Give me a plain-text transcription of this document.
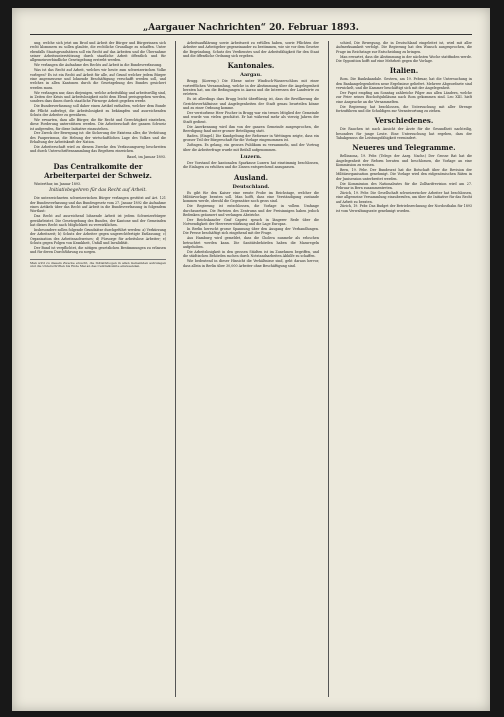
„Aargauer Nachrichten“ 20. Februar 1893.

ung, welche sich jetzt um Brod und Arbeit der Bürger und Bürgerinnen sich recht klommern zu sollen glaubte, die rechtliche Grundlage zu schaffen. Unter ebenfalls Staatsgrundsätzen soll ein Recht auf das Arbeiten und die Übernahme seiner Arbeitsunterstützung durch staatliche Arbeit öffentlich und für allgemeinverbindliche Gesetzgebung erstrebt werden.

Wir verlangen die Aufnahme des Rechts auf Arbeit in die Bundesverfassung.

Was ist das Recht auf Arbeit, welches wir heute zum schweizerischen Volke vorlegen? Es ist ein Recht auf Arbeit für alle, auf Grund welcher jedem Bürger eine angemessene und lohnende Beschäftigung verschafft werden soll, und welches in allen Kantonen durch die Gesetzgebung des Bundes gesichert werden muss.

Wir verlangen nur, dass diejenigen, welche arbeitsfähig und arbeitswillig sind, in Zeiten der Krisis und Arbeitslosigkeit nicht dem Elend preisgegeben werden, sondern dass ihnen durch staatliche Fürsorge Arbeit gegeben werde.

Die Bundesverfassung soll daher einen Artikel enthalten, welcher dem Bunde die Pflicht auferlegt, die Arbeitslosigkeit zu bekämpfen und ausreichenden Schutz der Arbeiter zu gewähren.

Wir erwarten, dass alle Bürger, die für Recht und Gerechtigkeit einstehen, diese Forderung unterstützen werden. Die Arbeiterschaft der ganzen Schweiz ist aufgerufen, für diese Initiative einzustehen.

Der Zweck der Bewegung ist: die Sicherung der Existenz aller, die Verhütung des Pauperismus, die Hebung der wirtschaftlichen Lage des Volkes und die Erhaltung der Arbeitskraft der Nation.

Die Arbeiterschaft wird zu diesem Zwecke den Verfassungsweg beschreiten und durch Unterschriftensammlung das Begehren einreichen.

Basel, im Januar 1893.
Das Centralkomite der Arbeiterpartei der Schweiz.

Winterthur, im Januar 1893.

Initiativbegehren für das Recht auf Arbeit.

Die unterzeichneten schweizerischen Bürger verlangen gestützt auf Art. 121 der Bundesverfassung und das Bundesgesetz vom 27. Januar 1892 die Aufnahme eines Artikels über das Recht auf Arbeit in die Bundesverfassung in folgendem Wortlaut:

Das Recht auf ausreichend lohnende Arbeit ist jedem Schweizerbürger gewährleistet. Die Gesetzgebung des Bundes, der Kantone und der Gemeinden hat dieses Recht nach Möglichkeit zu verwirklichen.

Insbesondere sollen folgende Grundsätze durchgeführt werden: a) Verkürzung der Arbeitszeit; b) Schutz der Arbeiter gegen ungerechtfertigte Entlassung; c) Organisation des Arbeitsnachweises; d) Fürsorge für arbeitslose Arbeiter; e) Schutz gegen Folgen von Krankheit, Unfall und Invalidität.

Der Bund ist verpflichtet, die nötigen gesetzlichen Bestimmungen zu erlassen und für deren Durchführung zu sorgen.

Man wird zu diesem Zwecke ersucht, die Initiativbogen in allen Gemeinden aufzulegen und die Unterschriften bis Ende Mai an das Centralkomite einzusenden.

Arbeitsaufklärung sowie Arbeitszeit zu erfüllen haben, sowie Pflichten der Arbeiter und Arbeitgeber gegeneinander zu bestimmen, wie sie vor dem Gesetze die Begründung, Schutz des Verdienstes und der Arbeitsfähigkeit für den Staat und die öffentliche Ordnung sich ergeben.

Kantonales.
Aargau.

Brugg. (Korresp.) Die Ebene unter Windisch-Wasserschloss mit einer vortrefflichen Versammlung, welche in der Abstimmung über die Angelegenheit beraten hat, um die Bedingungen in Aarau und die Interessen der Landwirte zu erörtern.

Es ist allerdings dass Brugg leicht überflüssig ist, dass die Bevölkerung die Gerichtsverhältnisse und Angelegenheiten der Stadt genau beurteilen könne und zu einer Ordnung komme.

Der verstorbene Herr Fischer in Brugg war ein treues Mitglied der Gemeinde und wurde von vielen geschätzt. Er hat während mehr als vierzig Jahren der Stadt gedient.

Die Anerkennung wird ihm von der ganzen Gemeinde ausgesprochen, die Beerdigung fand unter grosser Beteiligung statt.

Baden. (Eingel.) Die Kundgebung der Reformer in Wettingen zeigte, dass ein grosser Teil der Bürgerschaft für die Vorlage eingenommen ist.

Zofingen. Es gelang, ein grosses Publikum zu versammeln, und der Vortrag über die Arbeiterfrage wurde mit Beifall aufgenommen.

Luzern.

Der Vorstand der kantonalen Sparkasse Luzern hat einstimmig beschlossen, die Einlagen zu erhöhen und die Zinsen entsprechend anzupassen.

Ausland.
Deutschland.

Es gibt für den Kaiser eine ernste Probe im Reichstage, welcher die Militärvorlage beraten soll. Man hofft, dass eine Verständigung zustande kommen werde, obwohl die Gegensätze noch gross sind.

Die Regierung ist entschlossen, die Vorlage in vollem Umfange durchzusetzen. Die Parteien des Zentrums und der Freisinnigen haben jedoch Bedenken geäussert und verlangen Abstriche.

Der Reichskanzler Graf Caprivi sprach in längerer Rede über die Notwendigkeit der Heeresverstärkung und die Lage Europas.

In Berlin herrscht grosse Spannung über den Ausgang der Verhandlungen. Die Presse beschäftigt sich eingehend mit der Frage.

Aus Hamburg wird gemeldet, dass die Cholera nunmehr als erloschen betrachtet werden kann. Die Sanitätsbehörden haben die Massregeln aufgehoben.

Die Arbeitslosigkeit in den grossen Städten ist im Zunehmen begriffen, und die städtischen Behörden suchen durch Notstandsarbeiten Abhilfe zu schaffen.

Wie bedeutend in dieser Hinsicht die Verhältnisse sind, geht daraus hervor, dass allein in Berlin über 30,000 Arbeiter ohne Beschäftigung sind.

schied, Die Bewegung, die in Deutschland eingeleitet ist, wird mit aller Aufmerksamkeit verfolgt. Die Regierung hat den Wunsch ausgesprochen, die Frage im Reichstage zur Entscheidung zu bringen.

Man erwartet, dass die Abstimmung in der nächsten Woche stattfinden werde. Die Opposition hofft auf eine Mehrheit gegen die Vorlage.

Italien.

Rom. Die Bankskandale. Gestern, am 19. Februar, hat die Untersuchung in den Bankangelegenheiten neue Ergebnisse geliefert. Mehrere Abgeordnete sind verwickelt, und die Kammer beschäftigt sich mit der Angelegenheit.

Der Papst empfing am Sonntag zahlreiche Pilger aus allen Ländern, welche zur Feier seines Bischofsjubiläums nach Rom gekommen sind. Leo XIII. hielt eine Ansprache an die Versammelten.

Die Regierung hat beschlossen, die Untersuchung mit aller Strenge fortzuführen und die Schuldigen zur Verantwortung zu ziehen.

Verschiedenes.

Die Rauchen ist nach Ansicht der Ärzte für die Gesundheit nachteilig, besonders für junge Leute. Eine Untersuchung hat ergeben, dass der Tabakgenuss die Leistungsfähigkeit vermindert.

Neueres und Telegramme.

Bellinzona, 19. Febr. (Telegr. der Aarg. Nachr.) Der Grosse Rat hat die Angelegenheit der Reform beraten und beschlossen, die Vorlage an eine Kommission zu weisen.

Bern, 19. Febr. Der Bundesrat hat die Botschaft über die Revision der Militärorganisation genehmigt. Die Vorlage wird den eidgenössischen Räten in der Junisession unterbreitet werden.

Die Kommission des Nationalrates für die Zolltarifrevision wird am 27. Februar in Bern zusammentreten.

Zürich, 19. Febr. Die Gesellschaft schweizerischer Arbeiter hat beschlossen, eine allgemeine Versammlung einzuberufen, um über die Initiative für das Recht auf Arbeit zu beraten.

Zürich, 19. Febr. Das Budget der Betriebsrechnung der Nordostbahn für 1893 ist vom Verwaltungsrate genehmigt worden.
